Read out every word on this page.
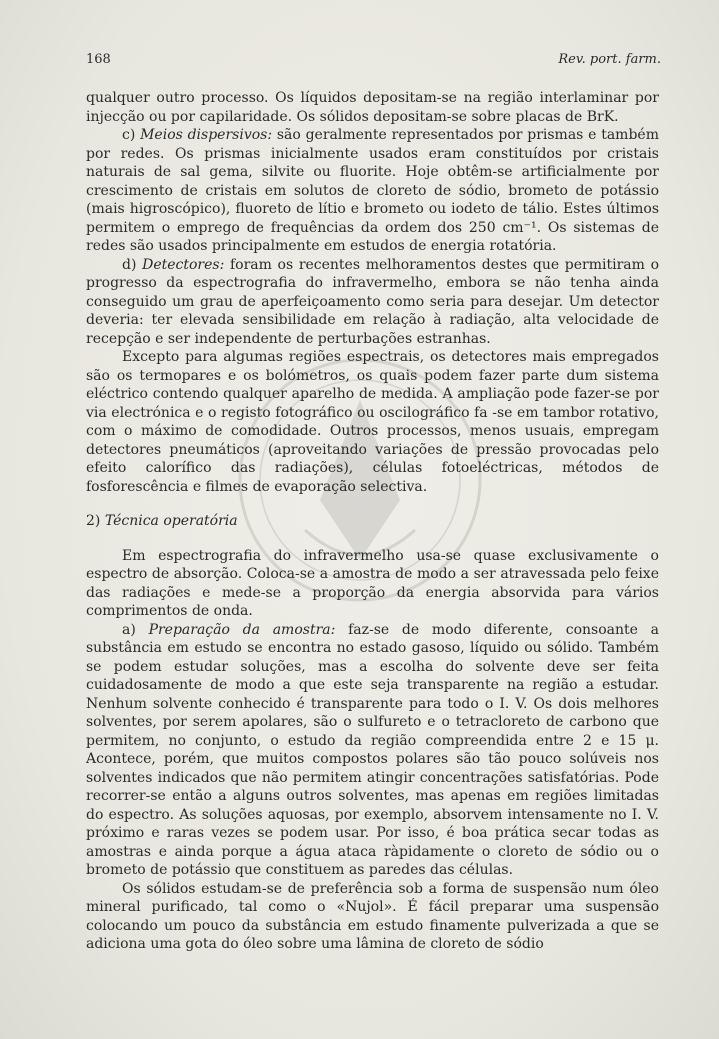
168	Rev. port. farm.

qualquer outro processo. Os líquidos depositam-se na região interlaminar por injecção ou por capilaridade. Os sólidos depositam-se sobre placas de BrK.

c) Meios dispersivos: são geralmente representados por prismas e também por redes. Os prismas inicialmente usados eram constituídos por cristais naturais de sal gema, silvite ou fluorite. Hoje obtêm-se artificialmente por crescimento de cristais em solutos de cloreto de sódio, brometo de potássio (mais higroscópico), fluoreto de lítio e brometo ou iodeto de tálio. Estes últimos permitem o emprego de frequências da ordem dos 250 cm⁻¹. Os sistemas de redes são usados principalmente em estudos de energia rotatória.

d) Detectores: foram os recentes melhoramentos destes que permitiram o progresso da espectrografia do infravermelho, embora se não tenha ainda conseguido um grau de aperfeiçoamento como seria para desejar. Um detector deveria: ter elevada sensibilidade em relação à radiação, alta velocidade de recepção e ser independente de perturbações estranhas.

Excepto para algumas regiões espectrais, os detectores mais empregados são os termopares e os bolómetros, os quais podem fazer parte dum sistema eléctrico contendo qualquer aparelho de medida. A ampliação pode fazer-se por via electrónica e o registo fotográfico ou oscilográfico fa -se em tambor rotativo, com o máximo de comodidade. Outros processos, menos usuais, empregam detectores pneumáticos (aproveitando variações de pressão provocadas pelo efeito calorífico das radiações), células fotoeléctricas, métodos de fosforescência e filmes de evaporação selectiva.

2) Técnica operatória

Em espectrografia do infravermelho usa-se quase exclusivamente o espectro de absorção. Coloca-se a amostra de modo a ser atravessada pelo feixe das radiações e mede-se a proporção da energia absorvida para vários comprimentos de onda.

a) Preparação da amostra: faz-se de modo diferente, consoante a substância em estudo se encontra no estado gasoso, líquido ou sólido. Também se podem estudar soluções, mas a escolha do solvente deve ser feita cuidadosamente de modo a que este seja transparente na região a estudar. Nenhum solvente conhecido é transparente para todo o I. V. Os dois melhores solventes, por serem apolares, são o sulfureto e o tetracloreto de carbono que permitem, no conjunto, o estudo da região compreendida entre 2 e 15 μ. Acontece, porém, que muitos compostos polares são tão pouco solúveis nos solventes indicados que não permitem atingir concentrações satisfatórias. Pode recorrer-se então a alguns outros solventes, mas apenas em regiões limitadas do espectro. As soluções aquosas, por exemplo, absorvem intensamente no I. V. próximo e raras vezes se podem usar. Por isso, é boa prática secar todas as amostras e ainda porque a água ataca ràpidamente o cloreto de sódio ou o brometo de potássio que constituem as paredes das células.

Os sólidos estudam-se de preferência sob a forma de suspensão num óleo mineral purificado, tal como o «Nujol». É fácil preparar uma suspensão colocando um pouco da substância em estudo finamente pulverizada a que se adiciona uma gota do óleo sobre uma lâmina de cloreto de sódio
